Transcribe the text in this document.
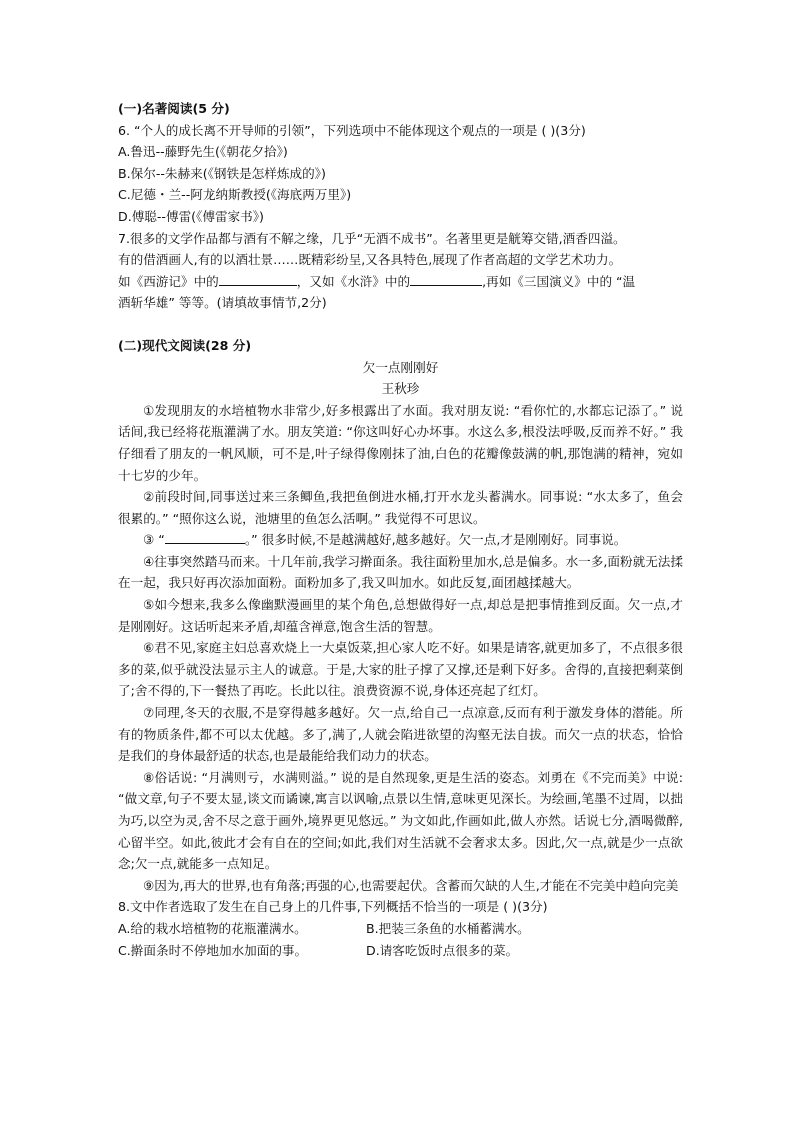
(一)名著阅读(5 分)
6. “个人的成长离不开导师的引领”，下列选项中不能体现这个观点的一项是 ( )(3分)
A.鲁迅--藤野先生(《朝花夕拾》)
B.保尔--朱赫来(《钢铁是怎样炼成的》)
C.尼德・兰--阿龙纳斯教授(《海底两万里》)
D.傅聪--傅雷(《傅雷家书》)
7.很多的文学作品都与酒有不解之缘，几乎“无酒不成书”。名著里更是觥筹交错,酒香四溢。
有的借酒画人,有的以酒壮景……既精彩纷呈,又各具特色,展现了作者高超的文学艺术功力。
如《西游记》中的	，又如《水浒》中的	,再如《三国演义》中的 “温
酒斩华雄” 等等。(请填故事情节,2分)
(二)现代文阅读(28 分)
欠一点刚刚好
王秋珍
①发现朋友的水培植物水非常少,好多根露出了水面。我对朋友说: “看你忙的,水都忘记添了。” 说话间,我已经将花瓶灌满了水。朋友笑道: “你这叫好心办坏事。水这么多,根没法呼吸,反而养不好。” 我仔细看了朋友的一帆风顺，可不是,叶子绿得像刚抹了油,白色的花瓣像鼓满的帆,那饱满的精神，宛如十七岁的少年。
②前段时间,同事送过来三条鲫鱼,我把鱼倒进水桶,打开水龙头蓄满水。同事说: “水太多了，鱼会很累的。” “照你这么说，池塘里的鱼怎么活啊。” 我觉得不可思议。
③ “	。” 很多时候,不是越满越好,越多越好。欠一点,才是刚刚好。同事说。
④往事突然踏马而来。十几年前,我学习擀面条。我往面粉里加水,总是偏多。水一多,面粉就无法揉在一起，我只好再次添加面粉。面粉加多了,我又叫加水。如此反复,面团越揉越大。
⑤如今想来,我多么像幽默漫画里的某个角色,总想做得好一点,却总是把事情推到反面。欠一点,才是刚刚好。这话听起来矛盾,却蕴含禅意,饱含生活的智慧。
⑥君不见,家庭主妇总喜欢烧上一大桌饭菜,担心家人吃不好。如果是请客,就更加多了，不点很多很多的菜,似乎就没法显示主人的诚意。于是,大家的肚子撑了又撑,还是剩下好多。舍得的,直接把剩菜倒了;舍不得的,下一餐热了再吃。长此以往。浪费资源不说,身体还亮起了红灯。
⑦同理,冬天的衣服,不是穿得越多越好。欠一点,给自己一点凉意,反而有利于激发身体的潜能。所有的物质条件,都不可以太优越。多了,满了,人就会陷进欲望的沟壑无法自拔。而欠一点的状态，恰恰是我们的身体最舒适的状态,也是最能给我们动力的状态。
⑧俗话说: “月满则亏，水满则溢。” 说的是自然现象,更是生活的姿态。刘勇在《不完而美》中说: “做文章,句子不要太显,谈文而谲谏,寓言以讽喻,点景以生情,意味更见深长。为绘画,笔墨不过周，以拙为巧,以空为灵,舍不尽之意于画外,境界更见悠远。” 为文如此,作画如此,做人亦然。话说七分,酒喝微醉,心留半空。如此,彼此才会有自在的空间;如此,我们对生活就不会奢求太多。因此,欠一点,就是少一点欲念;欠一点,就能多一点知足。
⑨因为,再大的世界,也有角落;再强的心,也需要起伏。含蓄而欠缺的人生,才能在不完美中趋向完美
8.文中作者选取了发生在自己身上的几件事,下列概括不恰当的一项是 ( )(3分)
A.给的栽水培植物的花瓶灌满水。	B.把装三条鱼的水桶蓄满水。
C.擀面条时不停地加水加面的事。	D.请客吃饭时点很多的菜。
